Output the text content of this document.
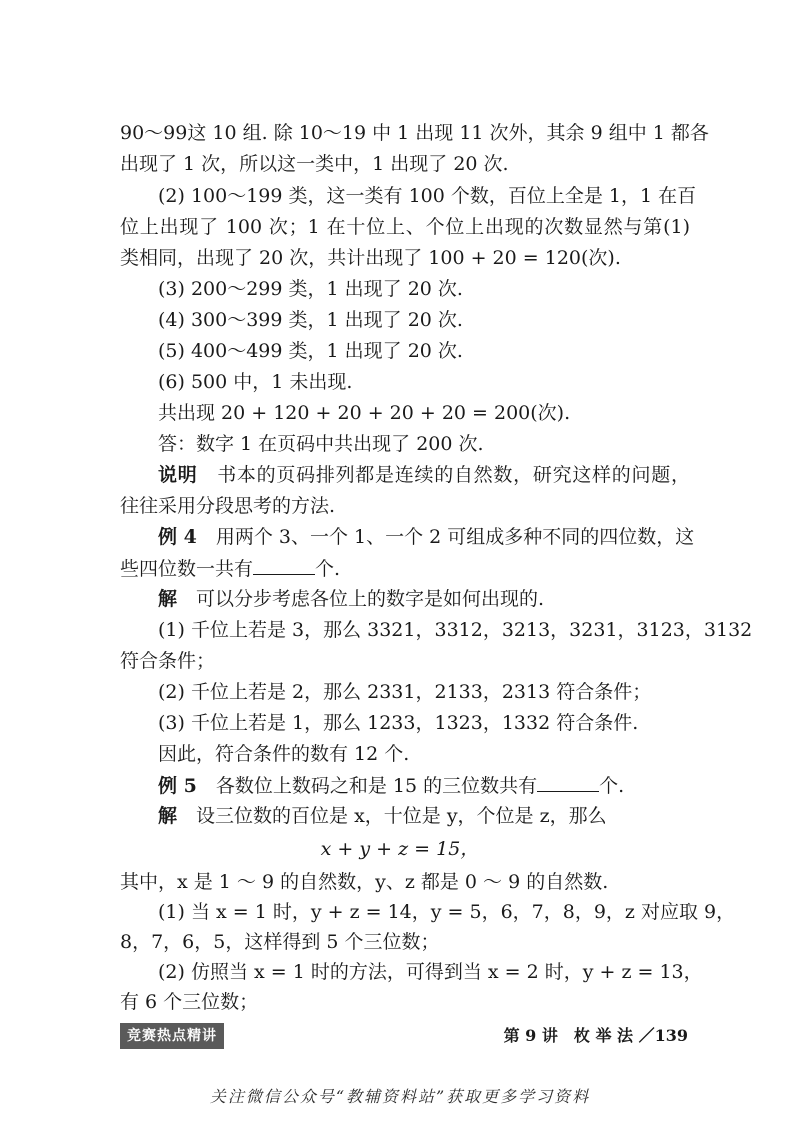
90～99这 10 组. 除 10～19 中 1 出现 11 次外，其余 9 组中 1 都各
出现了 1 次，所以这一类中，1 出现了 20 次.
(2) 100～199 类，这一类有 100 个数，百位上全是 1，1 在百
位上出现了 100 次；1 在十位上、个位上出现的次数显然与第(1)
类相同，出现了 20 次，共计出现了 100 + 20 = 120(次).
(3) 200～299 类，1 出现了 20 次.
(4) 300～399 类，1 出现了 20 次.
(5) 400～499 类，1 出现了 20 次.
(6) 500 中，1 未出现.
共出现 20 + 120 + 20 + 20 + 20 = 200(次).
答：数字 1 在页码中共出现了 200 次.
说明　 书本的页码排列都是连续的自然数，研究这样的问题，
往往采用分段思考的方法.
例 4　 用两个 3、一个 1、一个 2 可组成多种不同的四位数，这
些四位数一共有	个.
解　 可以分步考虑各位上的数字是如何出现的.
(1) 千位上若是 3，那么 3321，3312，3213，3231，3123，3132
符合条件；
(2) 千位上若是 2，那么 2331，2133，2313 符合条件；
(3) 千位上若是 1，那么 1233，1323，1332 符合条件.
因此，符合条件的数有 12 个.
例 5　 各数位上数码之和是 15 的三位数共有	个.
解　 设三位数的百位是 x，十位是 y，个位是 z，那么
x + y + z = 15，
其中，x 是 1 ～ 9 的自然数，y、z 都是 0 ～ 9 的自然数.
(1) 当 x = 1 时，y + z = 14，y = 5，6，7，8，9，z 对应取 9，
8，7，6，5，这样得到 5 个三位数；
(2) 仿照当 x = 1 时的方法，可得到当 x = 2 时，y + z = 13，
竞赛热点精讲	第 9 讲　枚 举 法 ／139
关注微信公众号“教辅资料站”获取更多学习资料
有 6 个三位数；
